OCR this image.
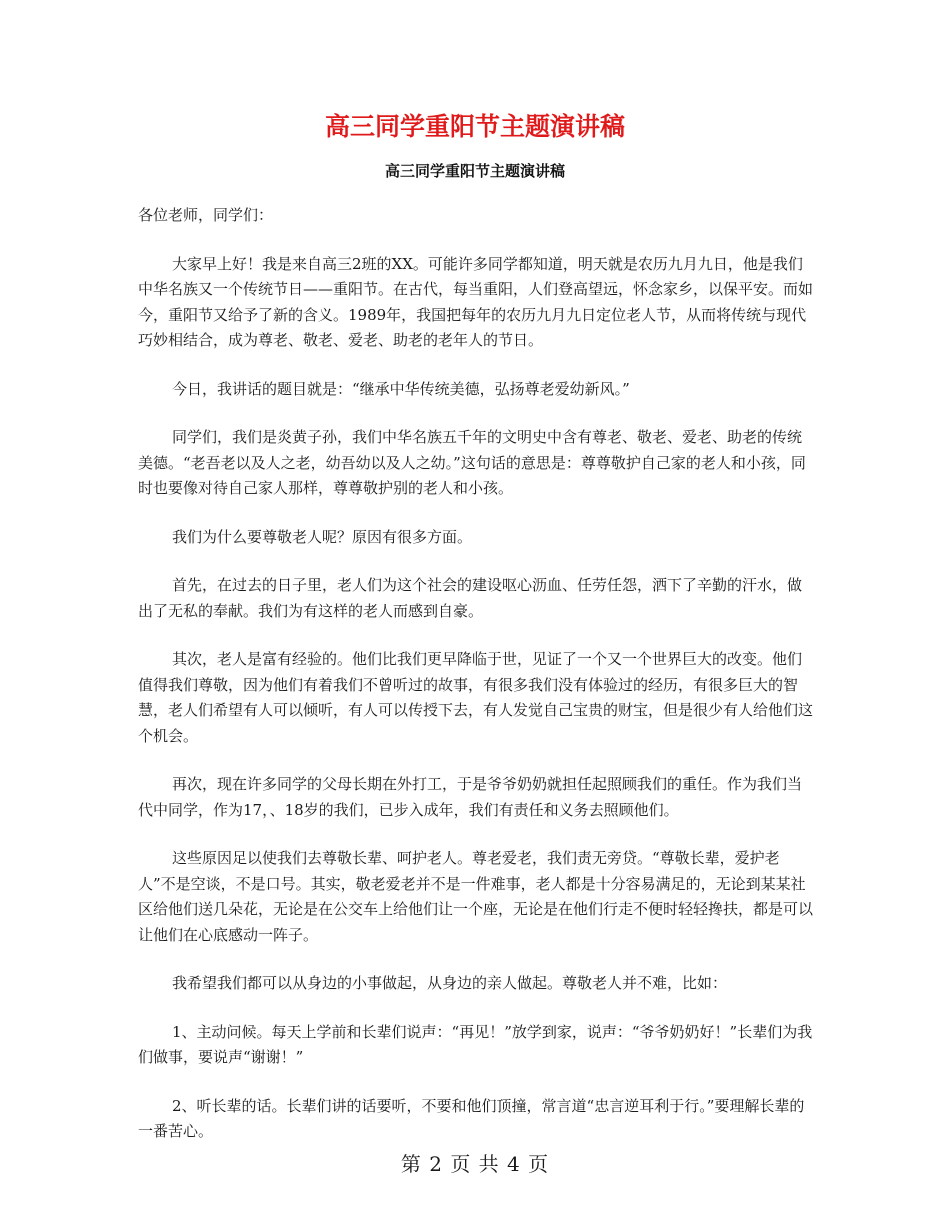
高三同学重阳节主题演讲稿
高三同学重阳节主题演讲稿

各位老师，同学们：

大家早上好！我是来自高三2班的XX。可能许多同学都知道，明天就是农历九月九日，他是我们中华名族又一个传统节日——重阳节。在古代，每当重阳，人们登高望远，怀念家乡，以保平安。而如今，重阳节又给予了新的含义。1989年，我国把每年的农历九月九日定位老人节，从而将传统与现代巧妙相结合，成为尊老、敬老、爱老、助老的老年人的节日。

今日，我讲话的题目就是：“继承中华传统美德，弘扬尊老爱幼新风。”

同学们，我们是炎黄子孙，我们中华名族五千年的文明史中含有尊老、敬老、爱老、助老的传统美德。“老吾老以及人之老，幼吾幼以及人之幼。”这句话的意思是：尊尊敬护自己家的老人和小孩，同时也要像对待自己家人那样，尊尊敬护别的老人和小孩。

我们为什么要尊敬老人呢？原因有很多方面。

首先，在过去的日子里，老人们为这个社会的建设呕心沥血、任劳任怨，洒下了辛勤的汗水，做出了无私的奉献。我们为有这样的老人而感到自豪。

其次，老人是富有经验的。他们比我们更早降临于世，见证了一个又一个世界巨大的改变。他们值得我们尊敬，因为他们有着我们不曾听过的故事，有很多我们没有体验过的经历，有很多巨大的智慧，老人们希望有人可以倾听，有人可以传授下去，有人发觉自己宝贵的财宝，但是很少有人给他们这个机会。

再次，现在许多同学的父母长期在外打工，于是爷爷奶奶就担任起照顾我们的重任。作为我们当代中同学，作为17，、18岁的我们，已步入成年，我们有责任和义务去照顾他们。

这些原因足以使我们去尊敬长辈、呵护老人。尊老爱老，我们责无旁贷。“尊敬长辈，爱护老人”不是空谈，不是口号。其实，敬老爱老并不是一件难事，老人都是十分容易满足的，无论到某某社区给他们送几朵花，无论是在公交车上给他们让一个座，无论是在他们行走不便时轻轻搀扶，都是可以让他们在心底感动一阵子。

我希望我们都可以从身边的小事做起，从身边的亲人做起。尊敬老人并不难，比如：

1、主动问候。每天上学前和长辈们说声：“再见！”放学到家，说声：“爷爷奶奶好！”长辈们为我们做事，要说声“谢谢！”

2、听长辈的话。长辈们讲的话要听，不要和他们顶撞，常言道“忠言逆耳利于行。”要理解长辈的一番苦心。

第 2 页 共 4 页
